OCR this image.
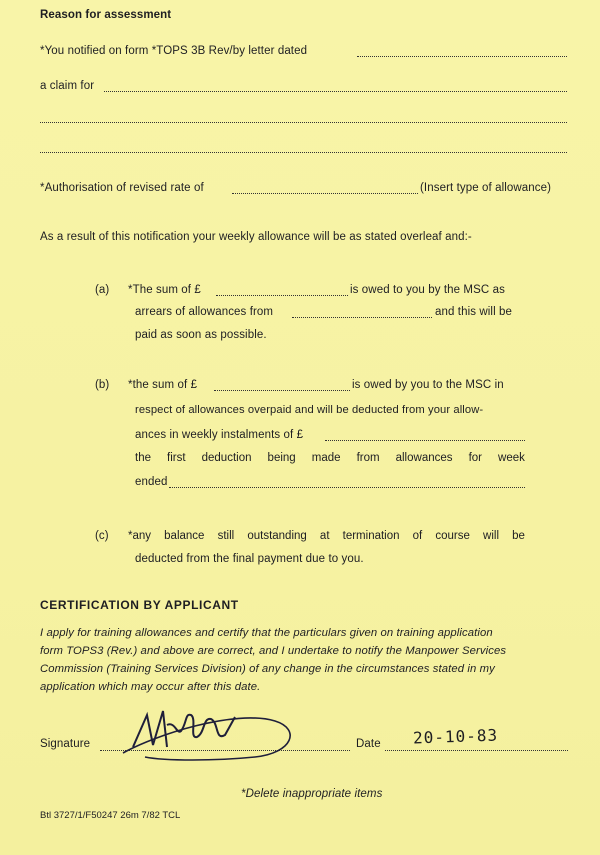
Reason for assessment
*You notified on form *TOPS 3B Rev/by letter dated
a claim for
*Authorisation of revised rate of	(Insert type of allowance)
As a result of this notification your weekly allowance will be as stated overleaf and:-
(a) *The sum of £	is owed to you by the MSC as
arrears of allowances from	and this will be
paid as soon as possible.
(b) *the sum of £	is owed by you to the MSC in
respect of allowances overpaid and will be deducted from your allow-
ances in weekly instalments of £
the first deduction being made from allowances for week
ended
(c) *any balance still outstanding at termination of course will be
deducted from the final payment due to you.
CERTIFICATION BY APPLICANT
I apply for training allowances and certify that the particulars given on training application
form TOPS3 (Rev.) and above are correct, and I undertake to notify the Manpower Services
Commission (Training Services Division) of any change in the circumstances stated in my
application which may occur after this date.
Signature	Date 20-10-83
*Delete inappropriate items
Btl 3727/1/F50247 26m 7/82 TCL
